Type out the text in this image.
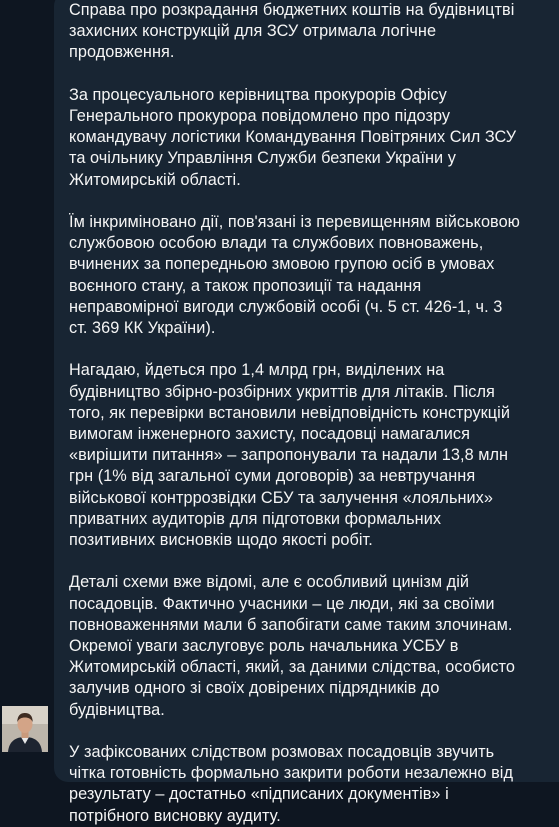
Справа про розкрадання бюджетних коштів на будівництві
захисних конструкцій для ЗСУ отримала логічне
продовження.
За процесуального керівництва прокурорів Офісу
Генерального прокурора повідомлено про підозру
командувачу логістики Командування Повітряних Сил ЗСУ
та очільнику Управління Служби безпеки України у
Житомирській області.
Їм інкриміновано дії, пов'язані із перевищенням військовою
службовою особою влади та службових повноважень,
вчинених за попередньою змовою групою осіб в умовах
воєнного стану, а також пропозиції та надання
неправомірної вигоди службовій особі (ч. 5 ст. 426-1, ч. 3
ст. 369 КК України).
Нагадаю, йдеться про 1,4 млрд грн, виділених на
будівництво збірно-розбірних укриттів для літаків. Після
того, як перевірки встановили невідповідність конструкцій
вимогам інженерного захисту, посадовці намагалися
«вирішити питання» – запропонували та надали 13,8 млн
грн (1% від загальної суми договорів) за невтручання
військової контррозвідки СБУ та залучення «лояльних»
приватних аудиторів для підготовки формальних
позитивних висновків щодо якості робіт.
Деталі схеми вже відомі, але є особливий цинізм дій
посадовців. Фактично учасники – це люди, які за своїми
повноваженнями мали б запобігати саме таким злочинам.
Окремої уваги заслуговує роль начальника УСБУ в
Житомирській області, який, за даними слідства, особисто
залучив одного зі своїх довірених підрядників до
будівництва.
У зафіксованих слідством розмовах посадовців звучить
чітка готовність формально закрити роботи незалежно від
результату – достатньо «підписаних документів» і
потрібного висновку аудиту.
